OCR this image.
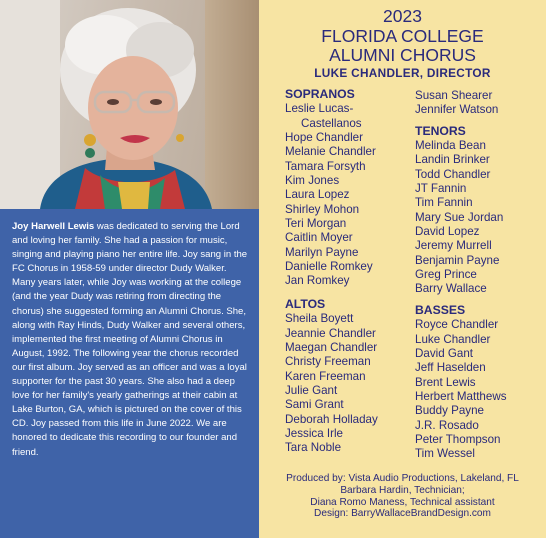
Joy Harwell Lewis was dedicated to serving the Lord and loving her family. She had a passion for music, singing and playing piano her entire life. Joy sang in the FC Chorus in 1958-59 under director Dudy Walker. Many years later, while Joy was working at the college (and the year Dudy was retiring from directing the chorus) she suggested forming an Alumni Chorus. She, along with Ray Hinds, Dudy Walker and several others, implemented the first meeting of Alumni Chorus in August, 1992. The following year the chorus recorded our first album. Joy served as an officer and was a loyal supporter for the past 30 years. She also had a deep love for her family's yearly gatherings at their cabin at Lake Burton, GA, which is pictured on the cover of this CD. Joy passed from this life in June 2022. We are honored to dedicate this recording to our founder and friend.
2023
FLORIDA COLLEGE
ALUMNI CHORUS
LUKE CHANDLER, DIRECTOR
SOPRANOS
Leslie Lucas-
Castellanos
Hope Chandler
Melanie Chandler
Tamara Forsyth
Kim Jones
Laura Lopez
Shirley Mohon
Teri Morgan
Caitlin Moyer
Marilyn Payne
Danielle Romkey
Jan Romkey
ALTOS
Sheila Boyett
Jeannie Chandler
Maegan Chandler
Christy Freeman
Karen Freeman
Julie Gant
Sami Grant
Deborah Holladay
Jessica Irle
Tara Noble
Susan Shearer
Jennifer Watson
TENORS
Melinda Bean
Landin Brinker
Todd Chandler
JT Fannin
Tim Fannin
Mary Sue Jordan
David Lopez
Jeremy Murrell
Benjamin Payne
Greg Prince
Barry Wallace
BASSES
Royce Chandler
Luke Chandler
David Gant
Jeff Haselden
Brent Lewis
Herbert Matthews
Buddy Payne
J.R. Rosado
Peter Thompson
Tim Wessel
Produced by: Vista Audio Productions, Lakeland, FL
Barbara Hardin, Technician;
Diana Romo Maness, Technical assistant
Design: BarryWallaceBrandDesign.com
